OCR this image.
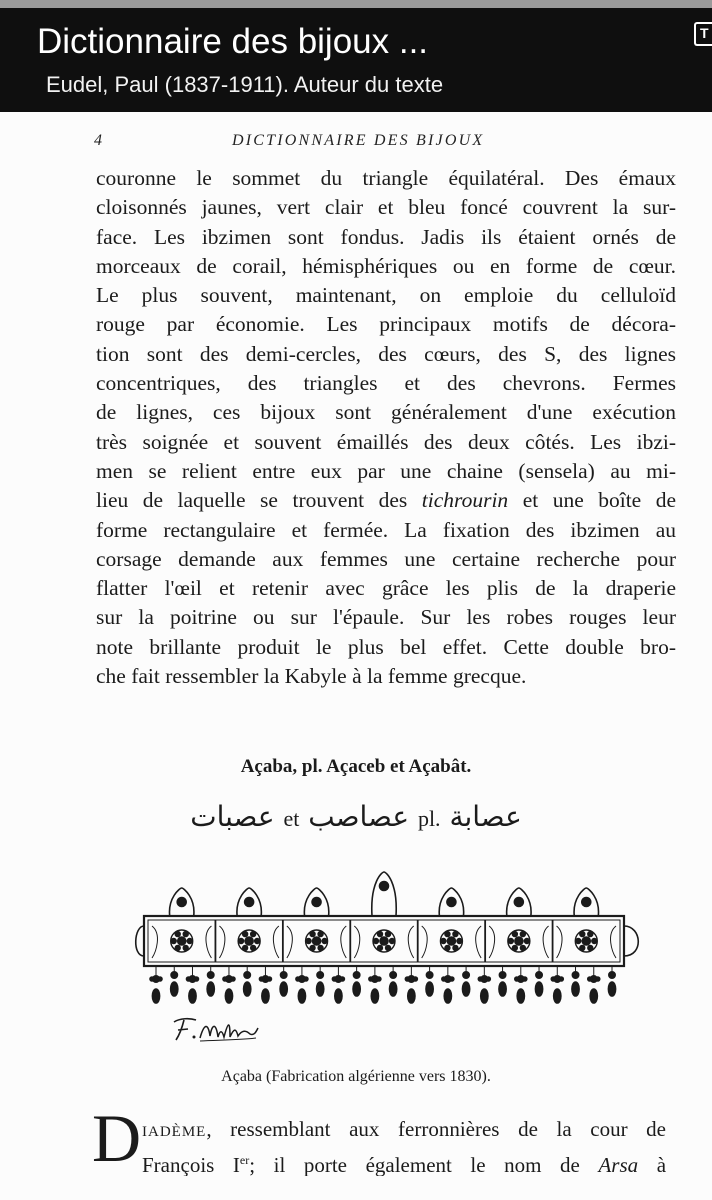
Dictionnaire des bijoux ...
Eudel, Paul (1837-1911). Auteur du texte
T
4	DICTIONNAIRE DES BIJOUX
couronne le sommet du triangle équilatéral. Des émaux
cloisonnés jaunes, vert clair et bleu foncé couvrent la sur-
face. Les ibzimen sont fondus. Jadis ils étaient ornés de
morceaux de corail, hémisphériques ou en forme de cœur.
Le plus souvent, maintenant, on emploie du celluloïd
rouge par économie. Les principaux motifs de décora-
tion sont des demi-cercles, des cœurs, des S, des lignes
concentriques, des triangles et des chevrons. Fermes
de lignes, ces bijoux sont généralement d'une exécution
très soignée et souvent émaillés des deux côtés. Les ibzi-
men se relient entre eux par une chaine (sensela) au mi-
lieu de laquelle se trouvent des tichrourin et une boîte de
forme rectangulaire et fermée. La fixation des ibzimen au
corsage demande aux femmes une certaine recherche pour
flatter l'œil et retenir avec grâce les plis de la draperie
sur la poitrine ou sur l'épaule. Sur les robes rouges leur
note brillante produit le plus bel effet. Cette double bro-
che fait ressembler la Kabyle à la femme grecque.
Açaba, pl. Açaceb et Açabât.
عصبات et عصاصب pl. عصابة
Açaba (Fabrication algérienne vers 1830).
D IADÈME, ressemblant aux ferronnières de la cour de
François Ier; il porte également le nom de Arsa à
